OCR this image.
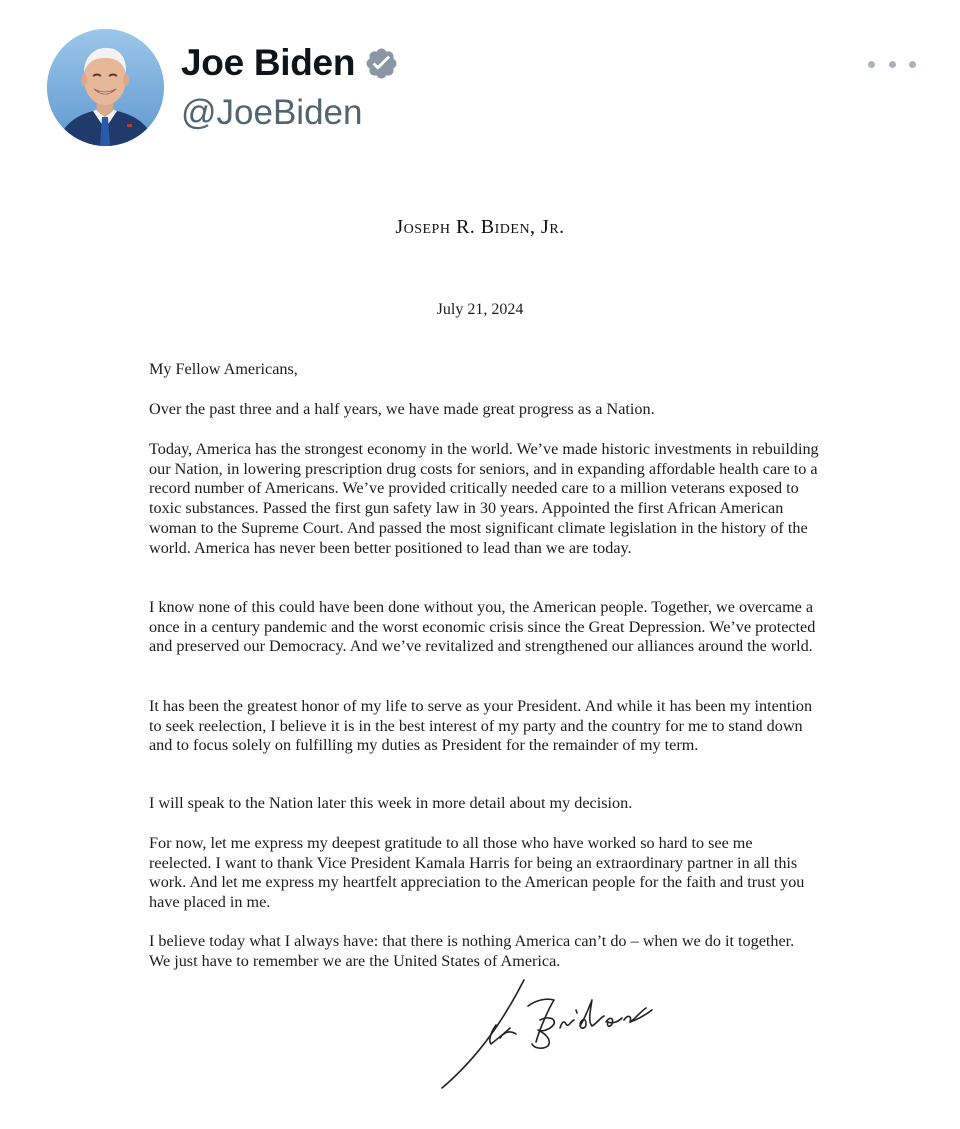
Joe Biden
@JoeBiden
Joseph R. Biden, Jr.
July 21, 2024
My Fellow Americans,
Over the past three and a half years, we have made great progress as a Nation.
Today, America has the strongest economy in the world. We’ve made historic investments in rebuilding our Nation, in lowering prescription drug costs for seniors, and in expanding affordable health care to a record number of Americans. We’ve provided critically needed care to a million veterans exposed to toxic substances. Passed the first gun safety law in 30 years. Appointed the first African American woman to the Supreme Court. And passed the most significant climate legislation in the history of the world. America has never been better positioned to lead than we are today.
I know none of this could have been done without you, the American people. Together, we overcame a once in a century pandemic and the worst economic crisis since the Great Depression. We’ve protected and preserved our Democracy. And we’ve revitalized and strengthened our alliances around the world.
It has been the greatest honor of my life to serve as your President. And while it has been my intention to seek reelection, I believe it is in the best interest of my party and the country for me to stand down and to focus solely on fulfilling my duties as President for the remainder of my term.
I will speak to the Nation later this week in more detail about my decision.
For now, let me express my deepest gratitude to all those who have worked so hard to see me reelected. I want to thank Vice President Kamala Harris for being an extraordinary partner in all this work. And let me express my heartfelt appreciation to the American people for the faith and trust you have placed in me.
I believe today what I always have: that there is nothing America can’t do – when we do it together. We just have to remember we are the United States of America.
